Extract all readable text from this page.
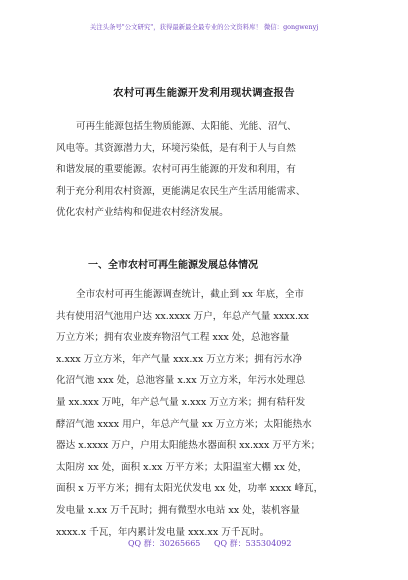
关注头条号"公文研究"，获得最新最全最专业的公文资料库！ 微信：gongwenyj
农村可再生能源开发利用现状调查报告

可再生能源包括生物质能源、太阳能、光能、沼气、
风电等。其资源潜力大，环境污染低，是有利于人与自然
和谐发展的重要能源。农村可再生能源的开发和利用，有
利于充分利用农村资源，更能满足农民生产生活用能需求、
优化农村产业结构和促进农村经济发展。

一、全市农村可再生能源发展总体情况

全市农村可再生能源调查统计，截止到 xx 年底，全市
共有使用沼气池用户达 xx.xxxx 万户，年总产气量 xxxx.xx
万立方米；拥有农业废弃物沼气工程 xxx 处，总池容量
x.xxx 万立方米，年产气量 xxx.xx 万立方米；拥有污水净
化沼气池 xxx 处，总池容量 x.xx 万立方米，年污水处理总
量 xx.xxx 万吨，年产总气量 x.xxx 万立方米；拥有秸秆发
酵沼气池 xxxx 用户，年总产气量 xx 万立方米；太阳能热水
器达 x.xxxx 万户，户用太阳能热水器面积 xx.xxx 万平方米；
太阳房 xx 处，面积 x.xx 万平方米；太阳温室大棚 xx 处，
面积 x 万平方米；拥有太阳光伏发电 xx 处，功率 xxxx 峰瓦，
发电量 x.xx 万千瓦时；拥有微型水电站 xx 处，装机容量
xxxx.x 千瓦，年内累计发电量 xxx.xx 万千瓦时。

QQ 群：30265665 QQ 群：535304092
